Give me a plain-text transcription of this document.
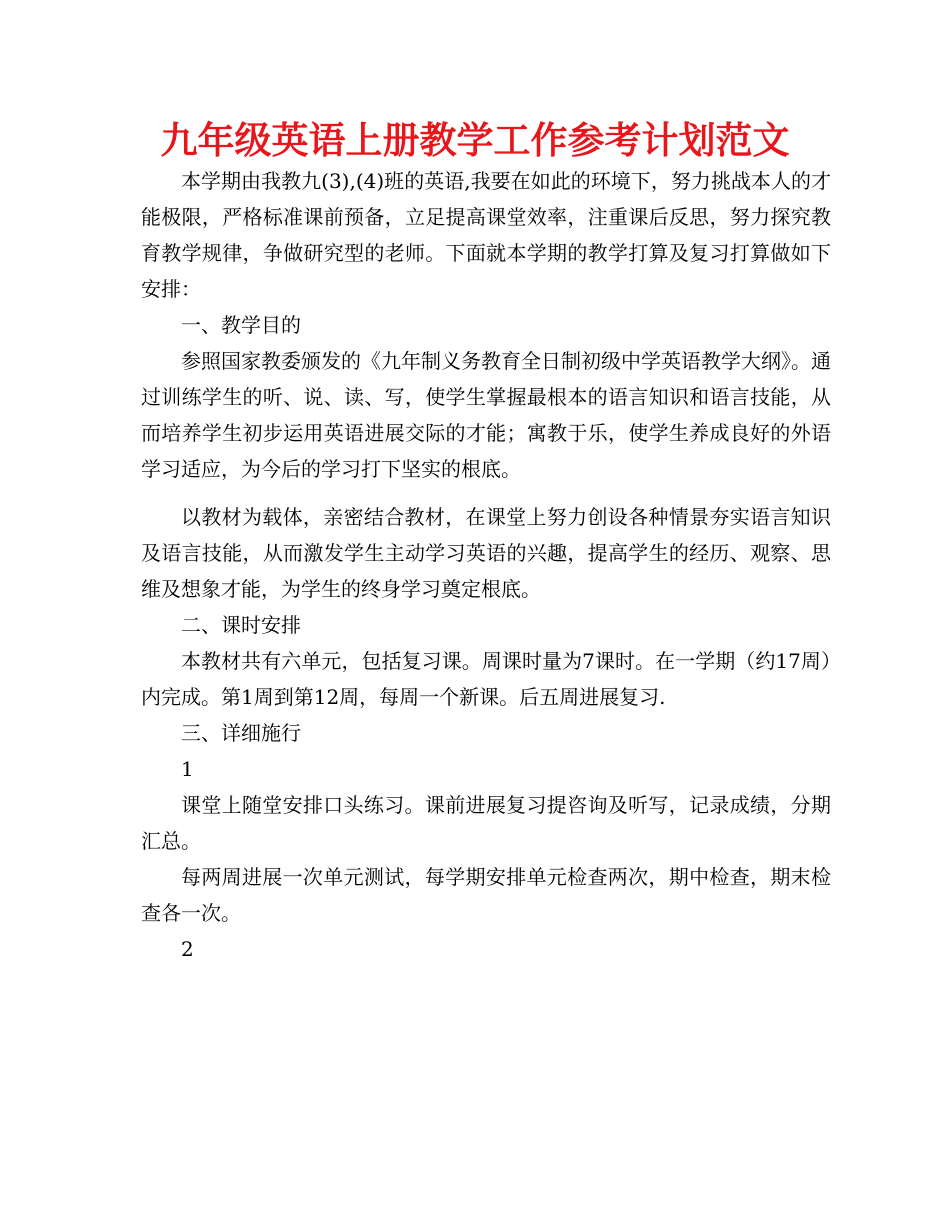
九年级英语上册教学工作参考计划范文

本学期由我教九(3),(4)班的英语,我要在如此的环境下，努力挑战本人的才能极限，严格标准课前预备，立足提高课堂效率，注重课后反思，努力探究教育教学规律，争做研究型的老师。下面就本学期的教学打算及复习打算做如下安排：

一、教学目的

参照国家教委颁发的《九年制义务教育全日制初级中学英语教学大纲》。通过训练学生的听、说、读、写，使学生掌握最根本的语言知识和语言技能，从而培养学生初步运用英语进展交际的才能；寓教于乐，使学生养成良好的外语学习适应，为今后的学习打下坚实的根底。

以教材为载体，亲密结合教材，在课堂上努力创设各种情景夯实语言知识及语言技能，从而激发学生主动学习英语的兴趣，提高学生的经历、观察、思维及想象才能，为学生的终身学习奠定根底。

二、课时安排

本教材共有六单元，包括复习课。周课时量为7课时。在一学期（约17周）内完成。第1周到第12周，每周一个新课。后五周进展复习.

三、详细施行

1

课堂上随堂安排口头练习。课前进展复习提咨询及听写，记录成绩，分期汇总。

每两周进展一次单元测试，每学期安排单元检查两次，期中检查，期末检查各一次。

2
